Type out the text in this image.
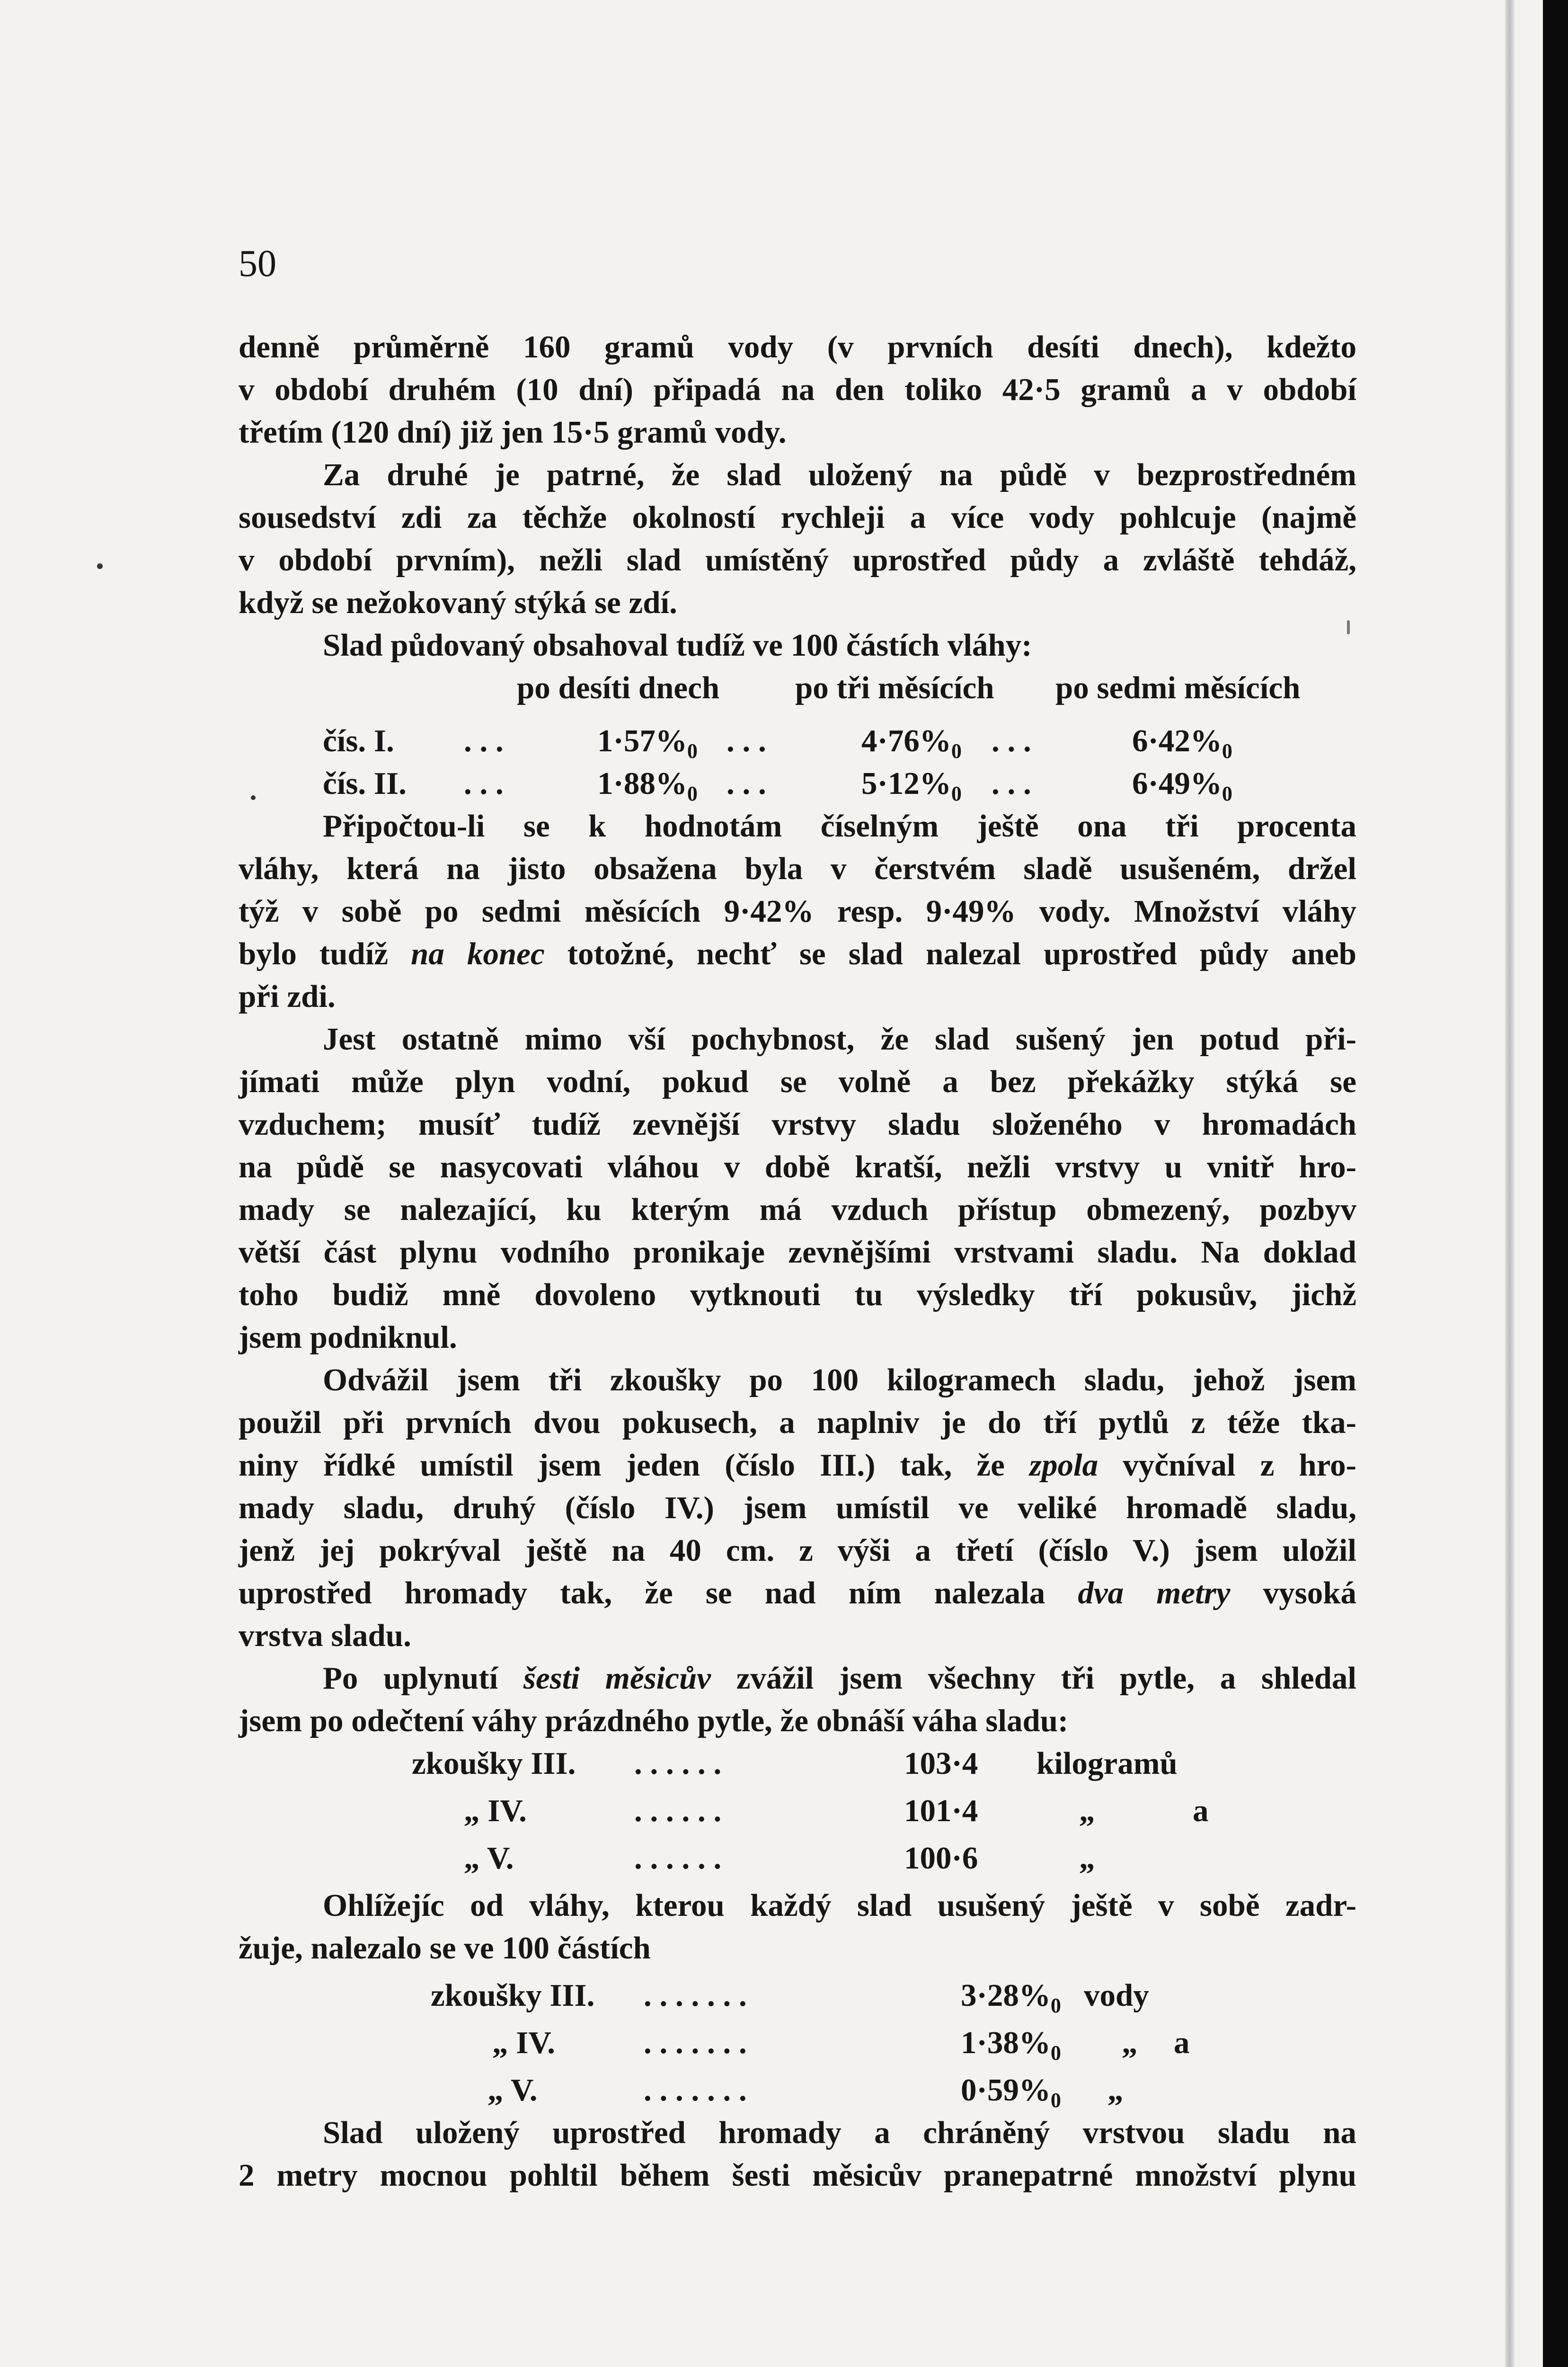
50
denně průměrně 160 gramů vody (v prvních desíti dnech), kdežto
v období druhém (10 dní) připadá na den toliko 42·5 gramů a v období
třetím (120 dní) již jen 15·5 gramů vody.
Za druhé je patrné, že slad uložený na půdě v bezprostředném
sousedství zdi za těchže okolností rychleji a více vody pohlcuje (najmě
v období prvním), nežli slad umístěný uprostřed půdy a zvláště tehdáž,
když se nežokovaný stýká se zdí.
Slad půdovaný obsahoval tudíž ve 100 částích vláhy:
po desíti dnech po tři měsících po sedmi měsících
čís. I. . . .	$1\cdot 57\%_0$ . . .	$4\cdot 76\%_0$ . . .	$6\cdot 42\%_0$
čís. II. . . .	$1\cdot 88\%_0$ . . .	$5\cdot 12\%_0$ . . .	$6\cdot 49\%_0$
Připočtou-li se k hodnotám číselným ještě ona tři procenta
vláhy, která na jisto obsažena byla v čerstvém sladě usušeném, držel
týž v sobě po sedmi měsících 9·42% resp. 9·49% vody. Množství vláhy
bylo tudíž na konec totožné, nechť se slad nalezal uprostřed půdy aneb
při zdi.
Jest ostatně mimo vší pochybnost, že slad sušený jen potud při-
jímati může plyn vodní, pokud se volně a bez překážky stýká se
vzduchem; musíť tudíž zevnější vrstvy sladu složeného v hromadách
na půdě se nasycovati vláhou v době kratší, nežli vrstvy u vnitř hro-
mady se nalezající, ku kterým má vzduch přístup obmezený, pozbyv
větší část plynu vodního pronikaje zevnějšími vrstvami sladu. Na doklad
toho budiž mně dovoleno vytknouti tu výsledky tří pokusův, jichž
jsem podniknul.
Odvážil jsem tři zkoušky po 100 kilogramech sladu, jehož jsem
použil při prvních dvou pokusech, a naplniv je do tří pytlů z téže tka-
niny řídké umístil jsem jeden (číslo III.) tak, že zpola vyčníval z hro-
mady sladu, druhý (číslo IV.) jsem umístil ve veliké hromadě sladu,
jenž jej pokrýval ještě na 40 cm. z výši a třetí (číslo V.) jsem uložil
uprostřed hromady tak, že se nad ním nalezala dva metry vysoká
vrstva sladu.
Po uplynutí šesti měsicův zvážil jsem všechny tři pytle, a shledal
jsem po odečtení váhy prázdného pytle, že obnáší váha sladu:
zkoušky III. . . . . . .	103·4 kilogramů
„ IV.	. . . . . .	101·4	„	a
„ V.	. . . . . .	100·6	„
Ohlížejíc od vláhy, kterou každý slad usušený ještě v sobě zadr-
žuje, nalezalo se ve 100 částích
zkoušky III. . . . . . . .	$3\cdot 28\%_0$ vody
„ IV.	. . . . . . .	$1\cdot 38\%_0$ „ a
„ V.	. . . . . . .	$0\cdot 59\%_0$ „
Slad uložený uprostřed hromady a chráněný vrstvou sladu na
2 metry mocnou pohltil během šesti měsicův pranepatrné množství plynu
